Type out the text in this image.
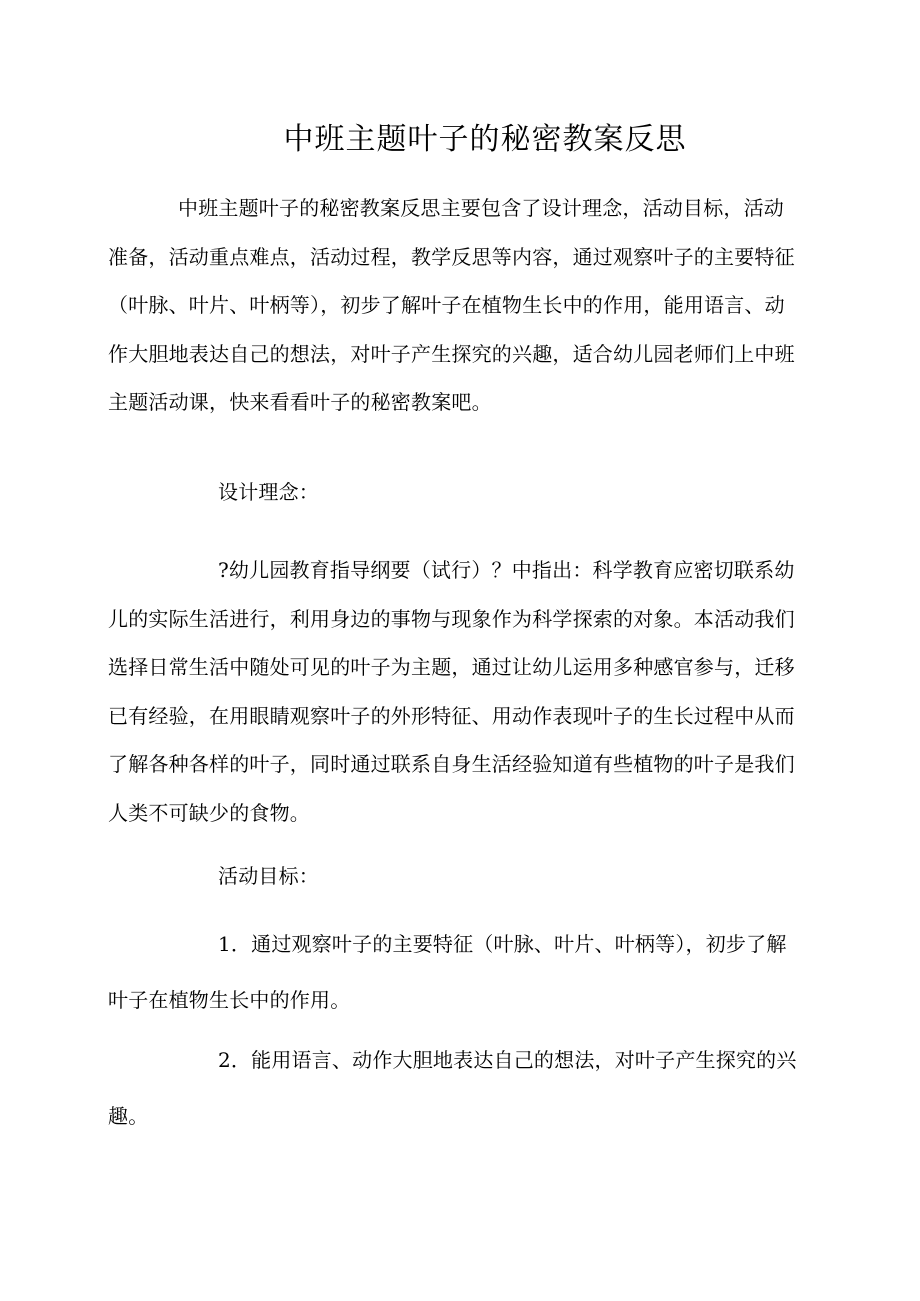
中班主题叶子的秘密教案反思

中班主题叶子的秘密教案反思主要包含了设计理念，活动目标，活动准备，活动重点难点，活动过程，教学反思等内容，通过观察叶子的主要特征（叶脉、叶片、叶柄等），初步了解叶子在植物生长中的作用，能用语言、动作大胆地表达自己的想法，对叶子产生探究的兴趣，适合幼儿园老师们上中班主题活动课，快来看看叶子的秘密教案吧。

设计理念：

?幼儿园教育指导纲要（试行）？中指出：科学教育应密切联系幼儿的实际生活进行，利用身边的事物与现象作为科学探索的对象。本活动我们选择日常生活中随处可见的叶子为主题，通过让幼儿运用多种感官参与，迁移已有经验，在用眼睛观察叶子的外形特征、用动作表现叶子的生长过程中从而了解各种各样的叶子，同时通过联系自身生活经验知道有些植物的叶子是我们人类不可缺少的食物。

活动目标：

1．通过观察叶子的主要特征（叶脉、叶片、叶柄等），初步了解叶子在植物生长中的作用。

2．能用语言、动作大胆地表达自己的想法，对叶子产生探究的兴趣。
